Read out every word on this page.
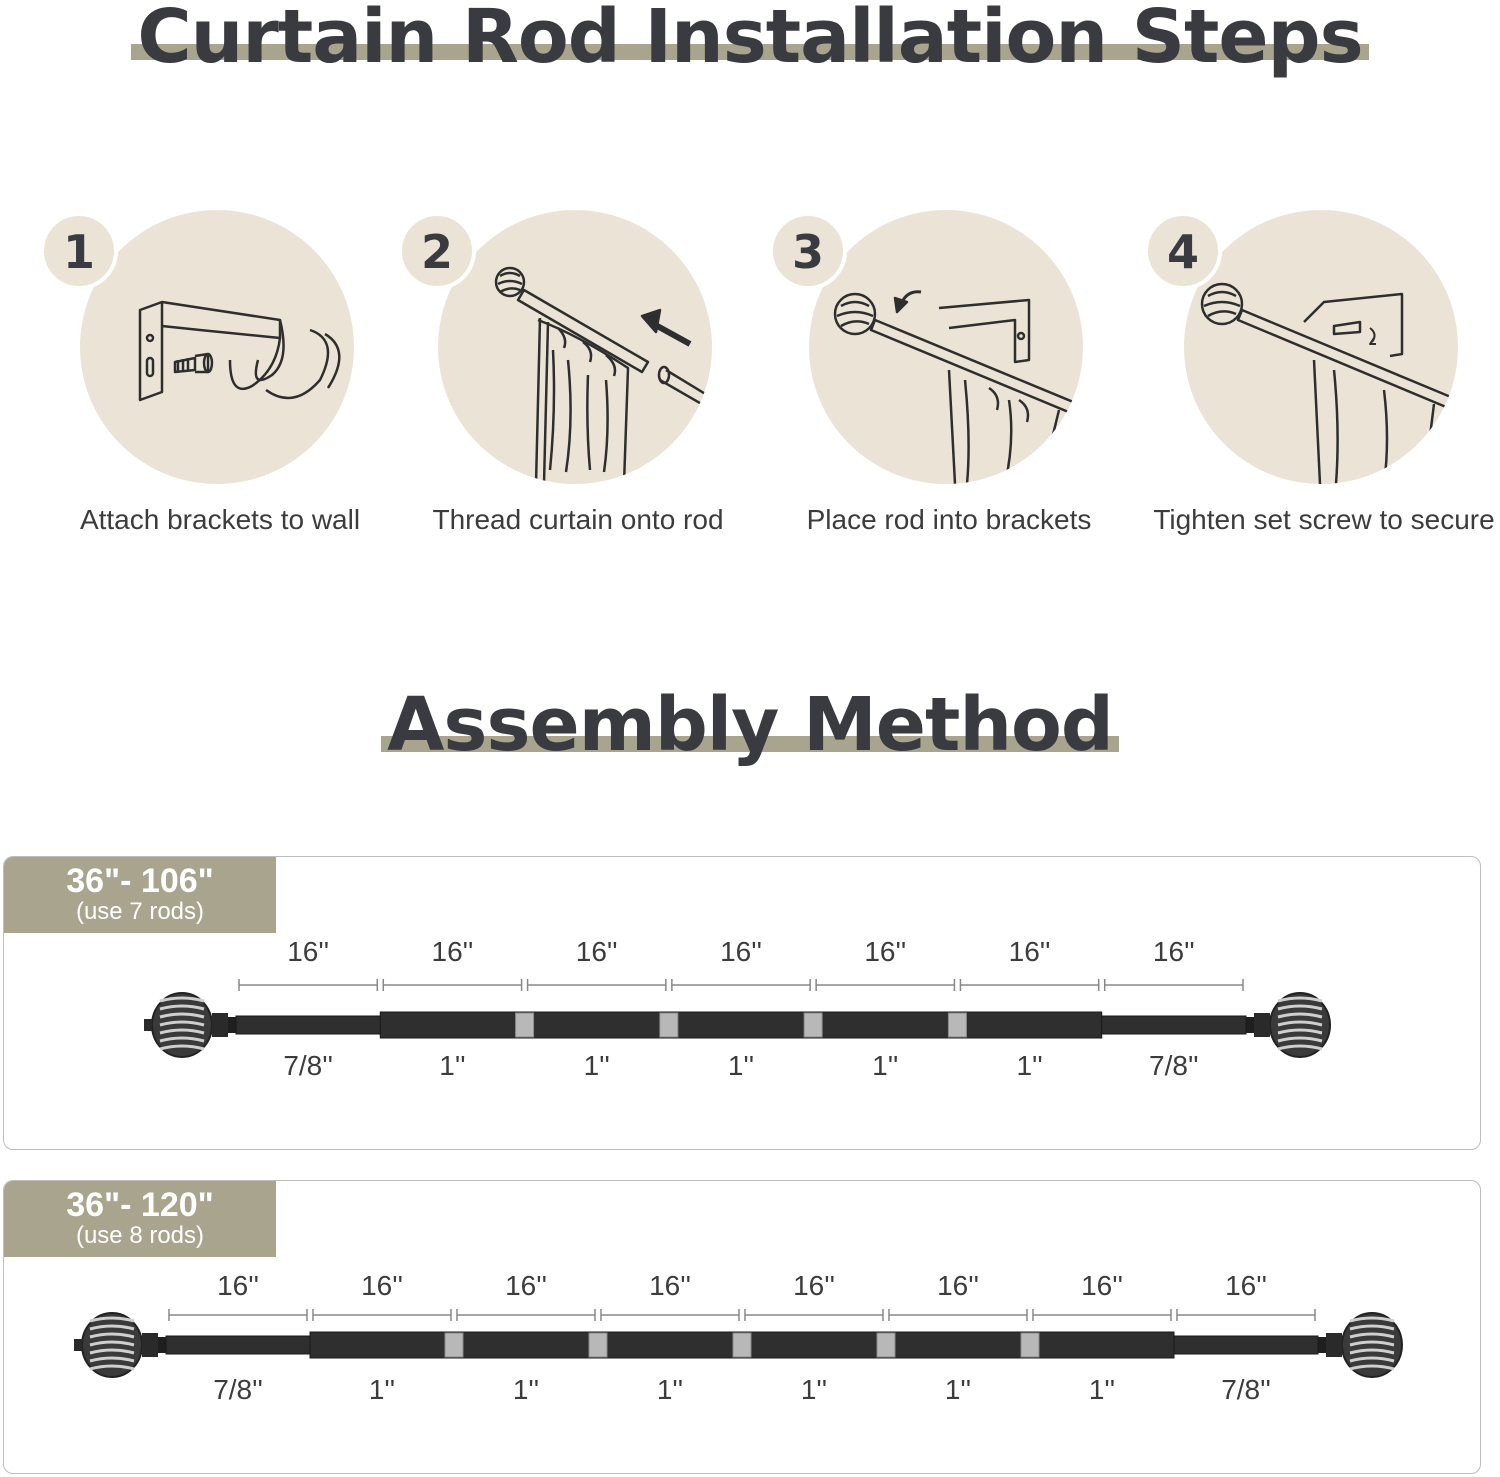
Curtain Rod Installation Steps
1
Attach brackets to wall
2
Thread curtain onto rod
3
Place rod into brackets
4
Tighten set screw to secure
Assembly Method
36"- 106"
(use 7 rods)
16''
7/8''
16''
1''
16''
1''
16''
1''
16''
1''
16''
1''
16''
7/8''
36"- 120"
(use 8 rods)
16''
7/8''
16''
1''
16''
1''
16''
1''
16''
1''
16''
1''
16''
1''
16''
7/8''
